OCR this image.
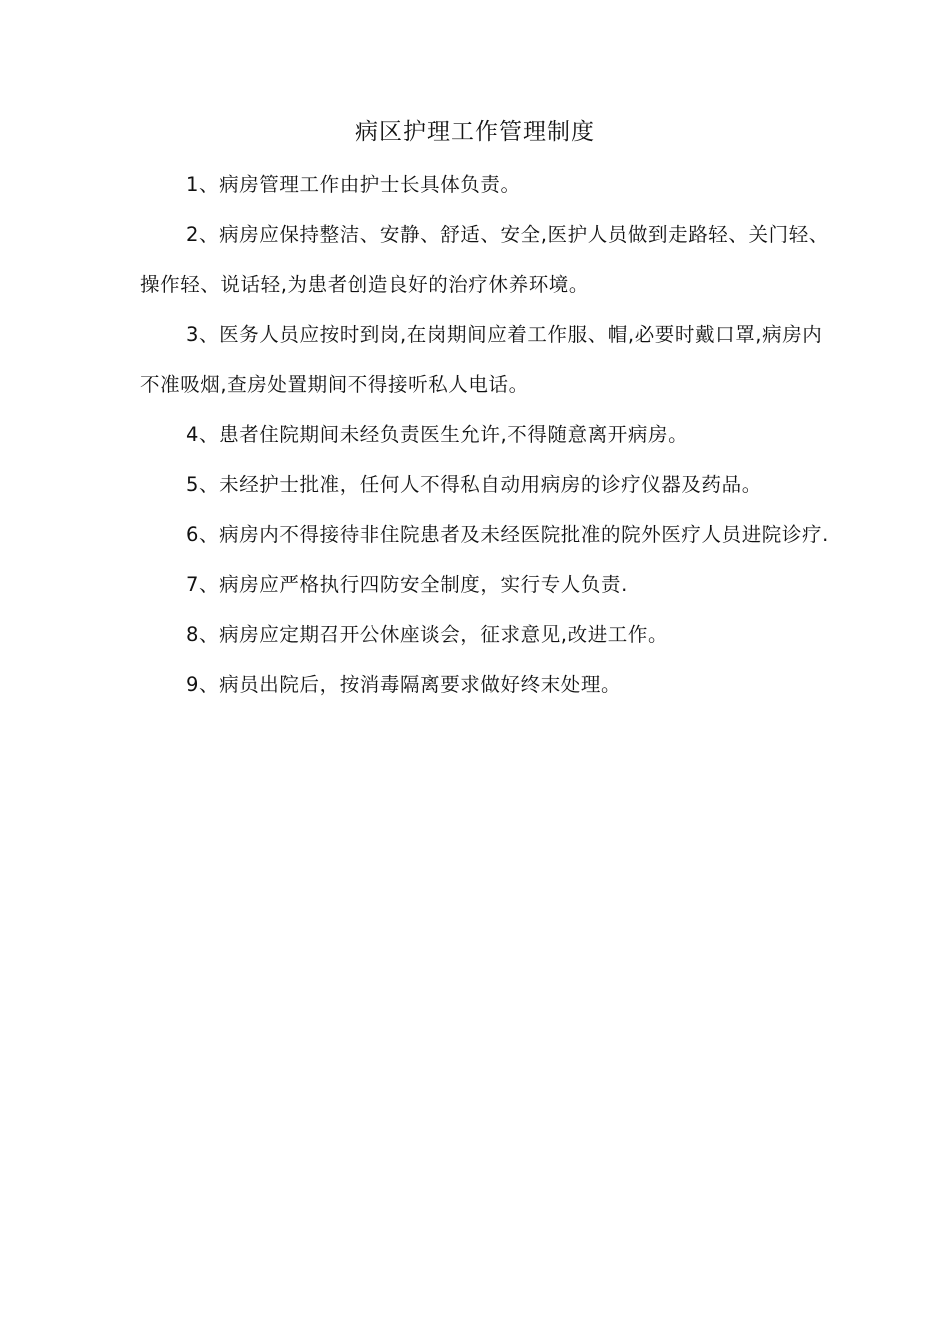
病区护理工作管理制度

1、病房管理工作由护士长具体负责。

2、病房应保持整洁、安静、舒适、安全,医护人员做到走路轻、关门轻、操作轻、说话轻,为患者创造良好的治疗休养环境。

3、医务人员应按时到岗,在岗期间应着工作服、帽,必要时戴口罩,病房内不准吸烟,查房处置期间不得接听私人电话。

4、患者住院期间未经负责医生允许,不得随意离开病房。

5、未经护士批准，任何人不得私自动用病房的诊疗仪器及药品。

6、病房内不得接待非住院患者及未经医院批准的院外医疗人员进院诊疗.

7、病房应严格执行四防安全制度，实行专人负责.

8、病房应定期召开公休座谈会，征求意见,改进工作。

9、病员出院后，按消毒隔离要求做好终末处理。
